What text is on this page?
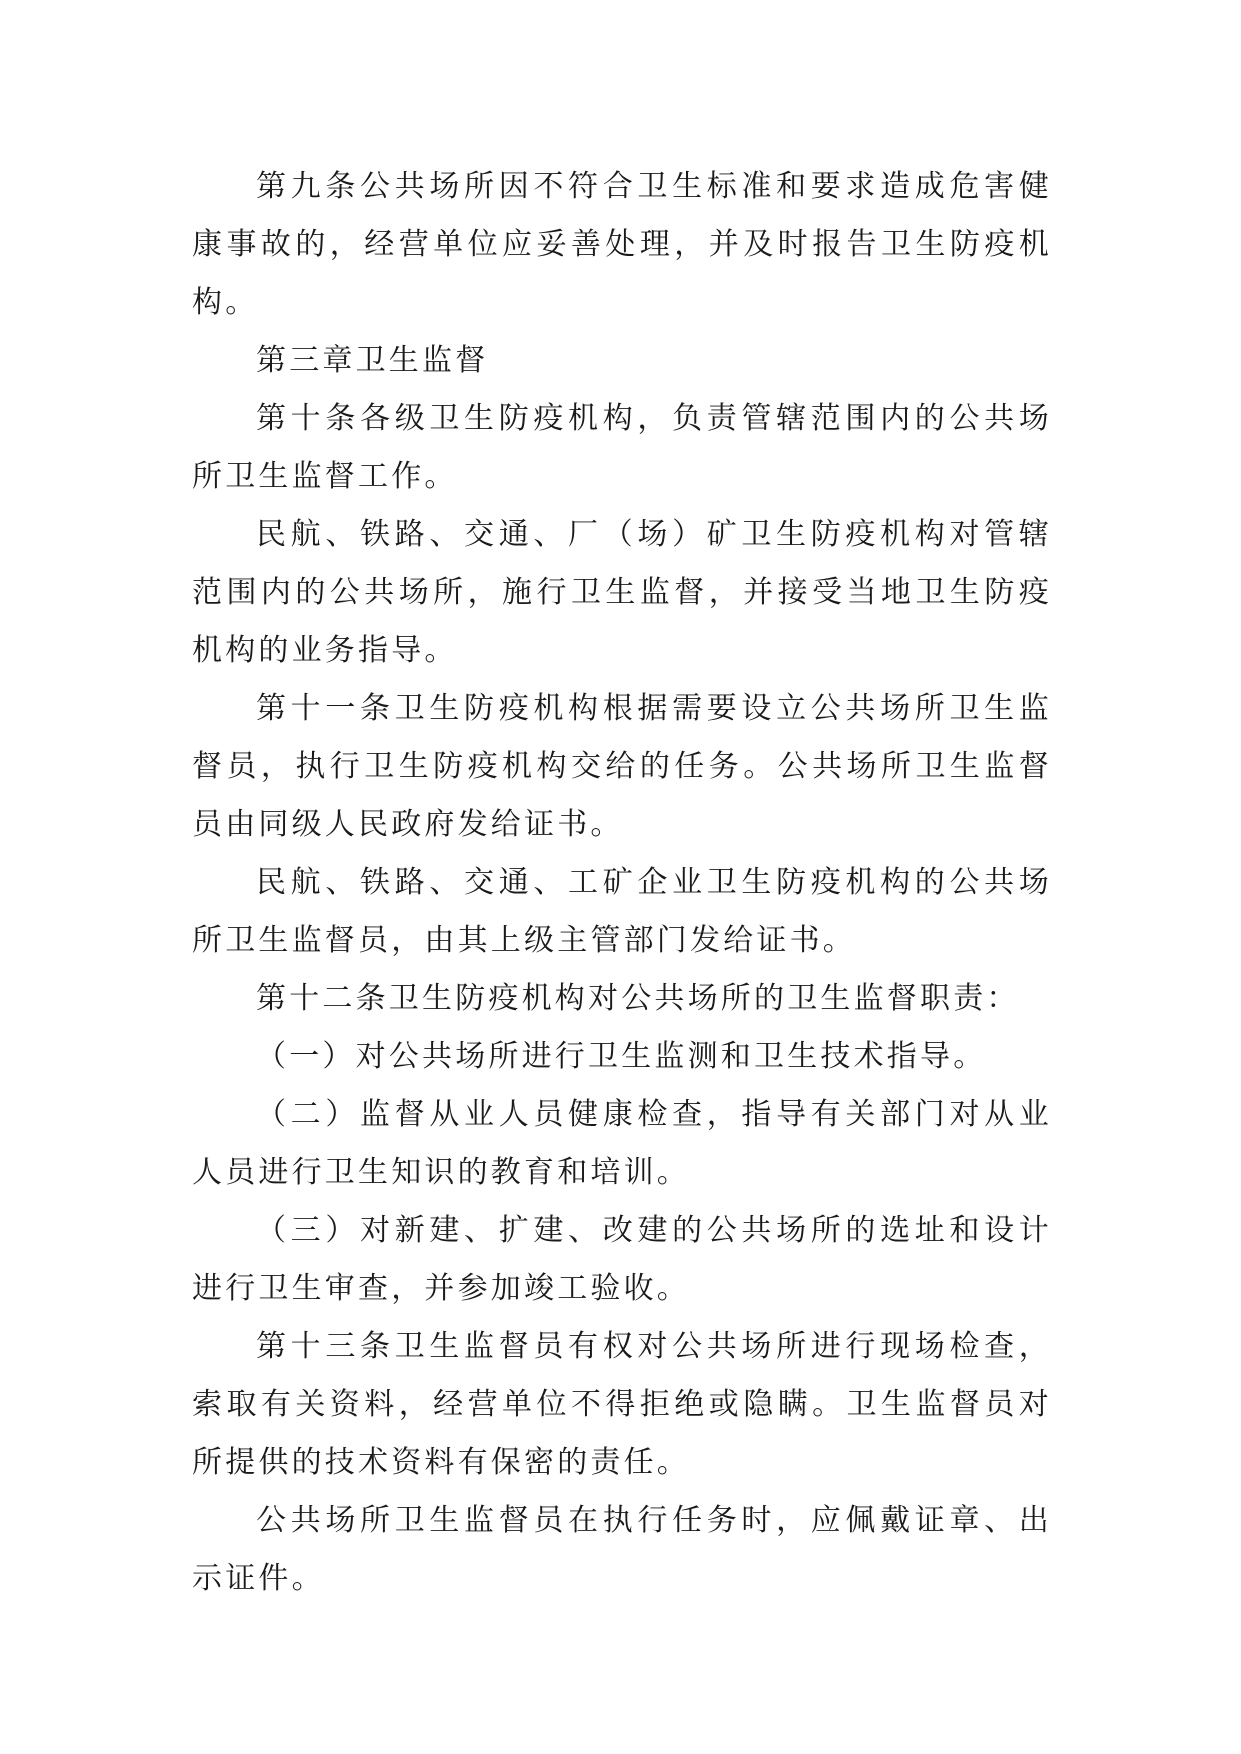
第九条公共场所因不符合卫生标准和要求造成危害健康事故的，经营单位应妥善处理，并及时报告卫生防疫机构。

第三章卫生监督

第十条各级卫生防疫机构，负责管辖范围内的公共场所卫生监督工作。

民航、铁路、交通、厂（场）矿卫生防疫机构对管辖范围内的公共场所，施行卫生监督，并接受当地卫生防疫机构的业务指导。

第十一条卫生防疫机构根据需要设立公共场所卫生监督员，执行卫生防疫机构交给的任务。公共场所卫生监督员由同级人民政府发给证书。

民航、铁路、交通、工矿企业卫生防疫机构的公共场所卫生监督员，由其上级主管部门发给证书。

第十二条卫生防疫机构对公共场所的卫生监督职责：

（一）对公共场所进行卫生监测和卫生技术指导。

（二）监督从业人员健康检查，指导有关部门对从业人员进行卫生知识的教育和培训。

（三）对新建、扩建、改建的公共场所的选址和设计进行卫生审查，并参加竣工验收。

第十三条卫生监督员有权对公共场所进行现场检查，索取有关资料，经营单位不得拒绝或隐瞒。卫生监督员对所提供的技术资料有保密的责任。

公共场所卫生监督员在执行任务时，应佩戴证章、出示证件。
